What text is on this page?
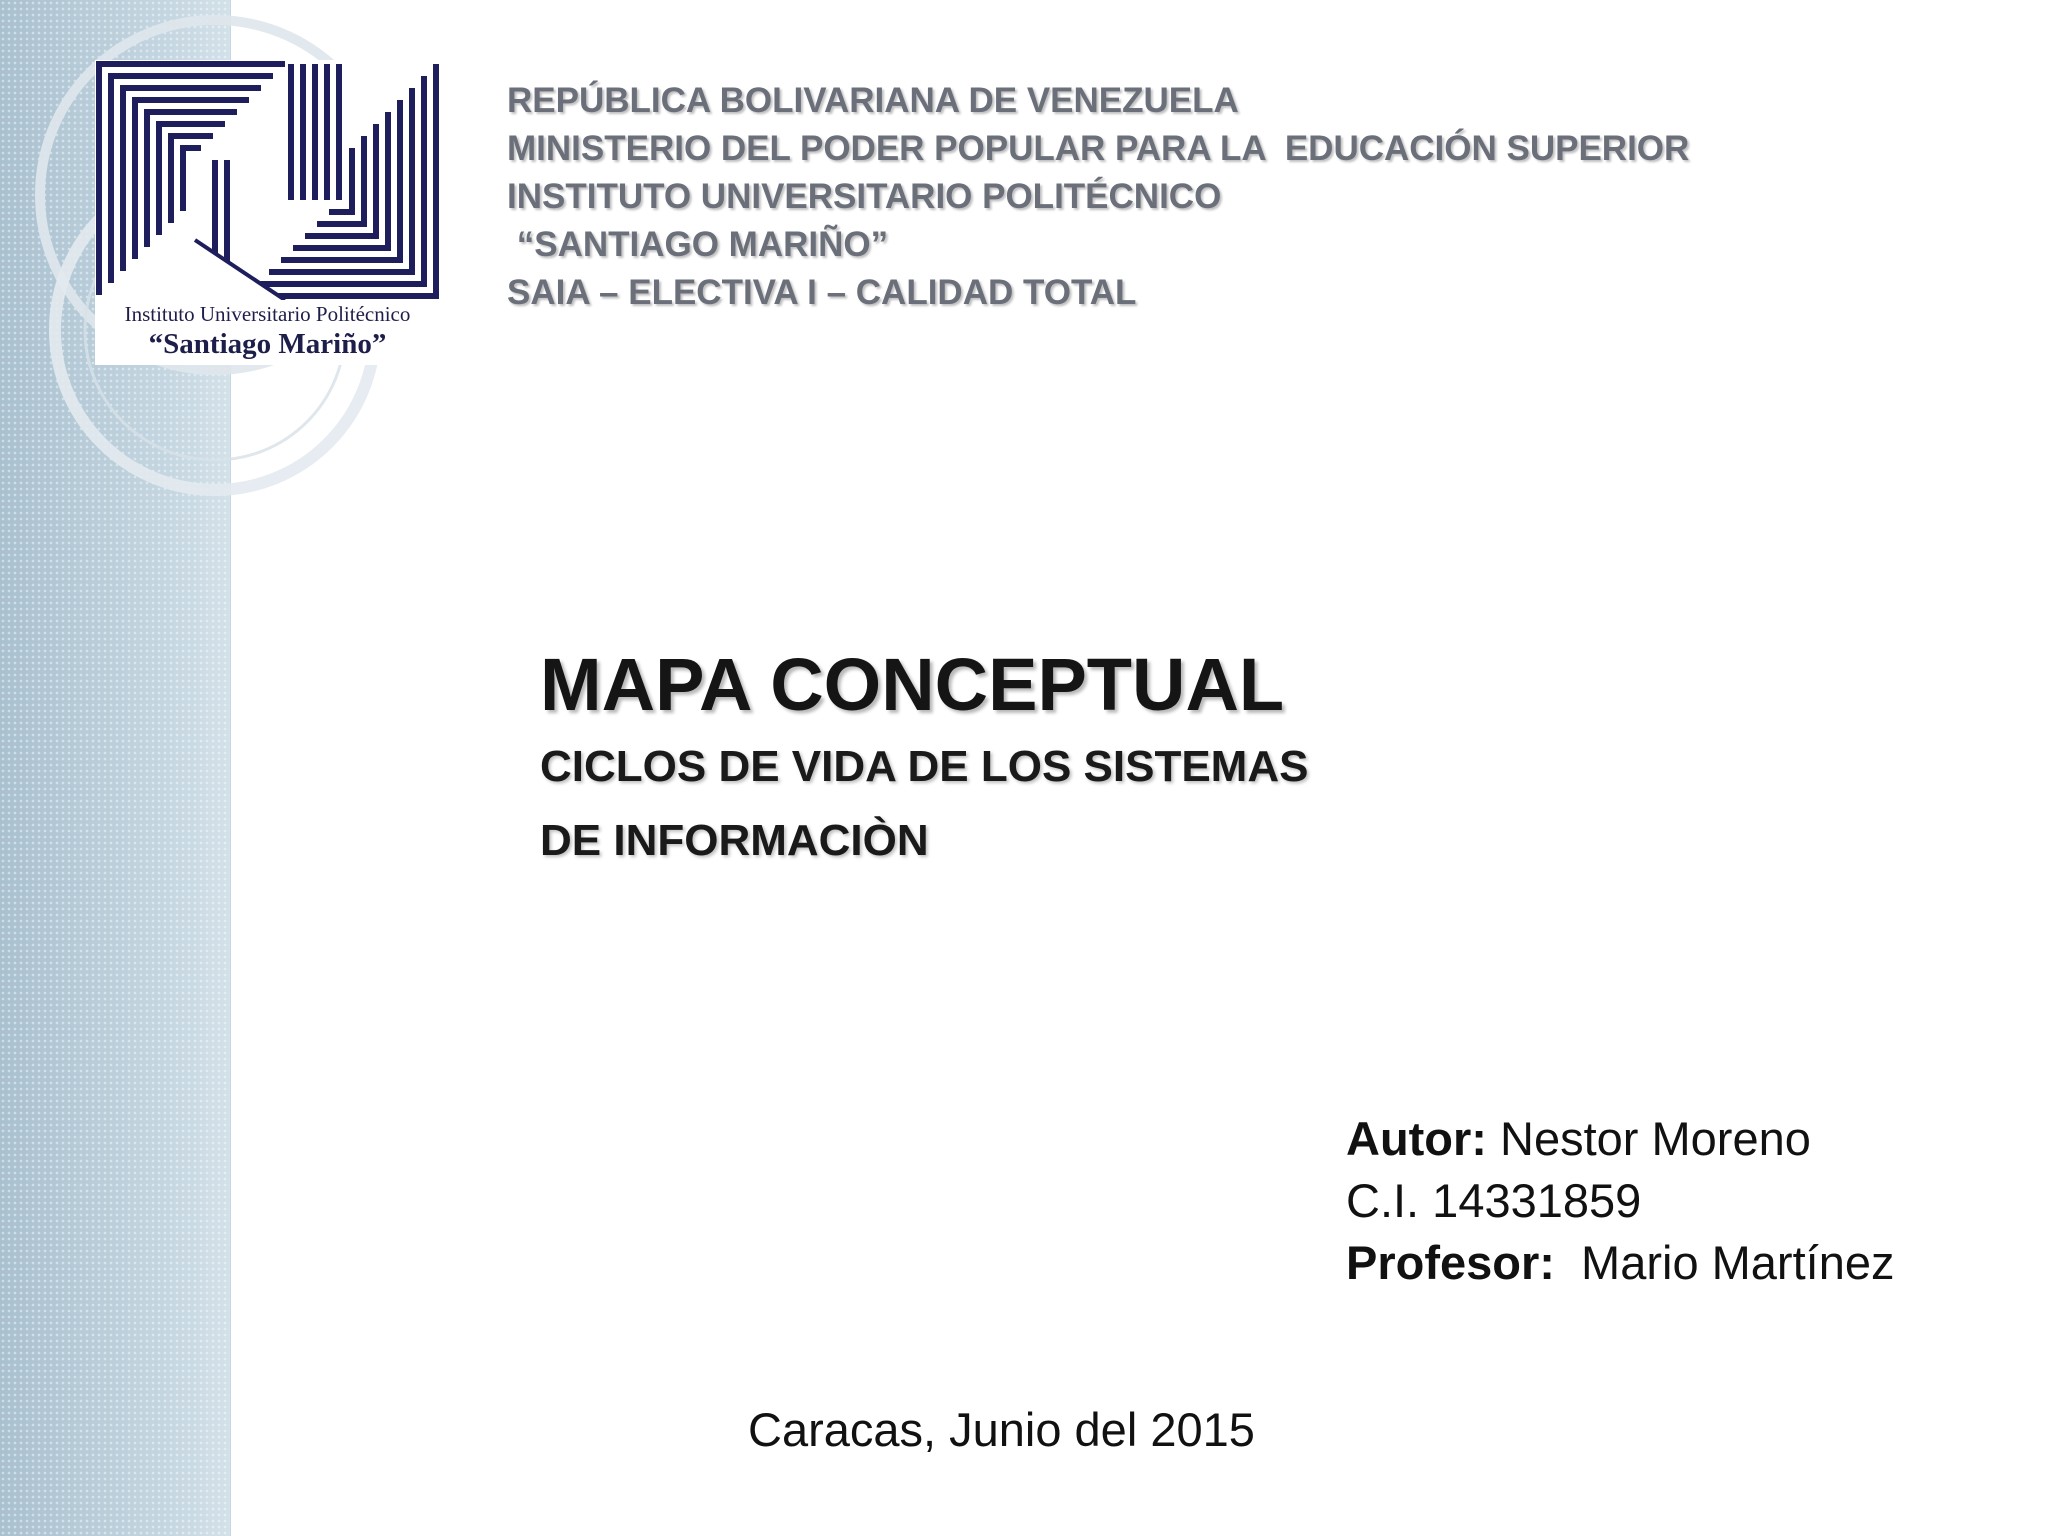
Instituto Universitario Politécnico
“Santiago Mariño”
REPÚBLICA BOLIVARIANA DE VENEZUELA
MINISTERIO DEL PODER POPULAR PARA LA  EDUCACIÓN SUPERIOR
INSTITUTO UNIVERSITARIO POLITÉCNICO
“SANTIAGO MARIÑO”
SAIA – ELECTIVA I – CALIDAD TOTAL
MAPA CONCEPTUAL
CICLOS DE VIDA DE LOS SISTEMAS
DE INFORMACIÒN
Autor: Nestor Moreno
C.I. 14331859
Profesor:  Mario Martínez
Caracas, Junio del 2015
